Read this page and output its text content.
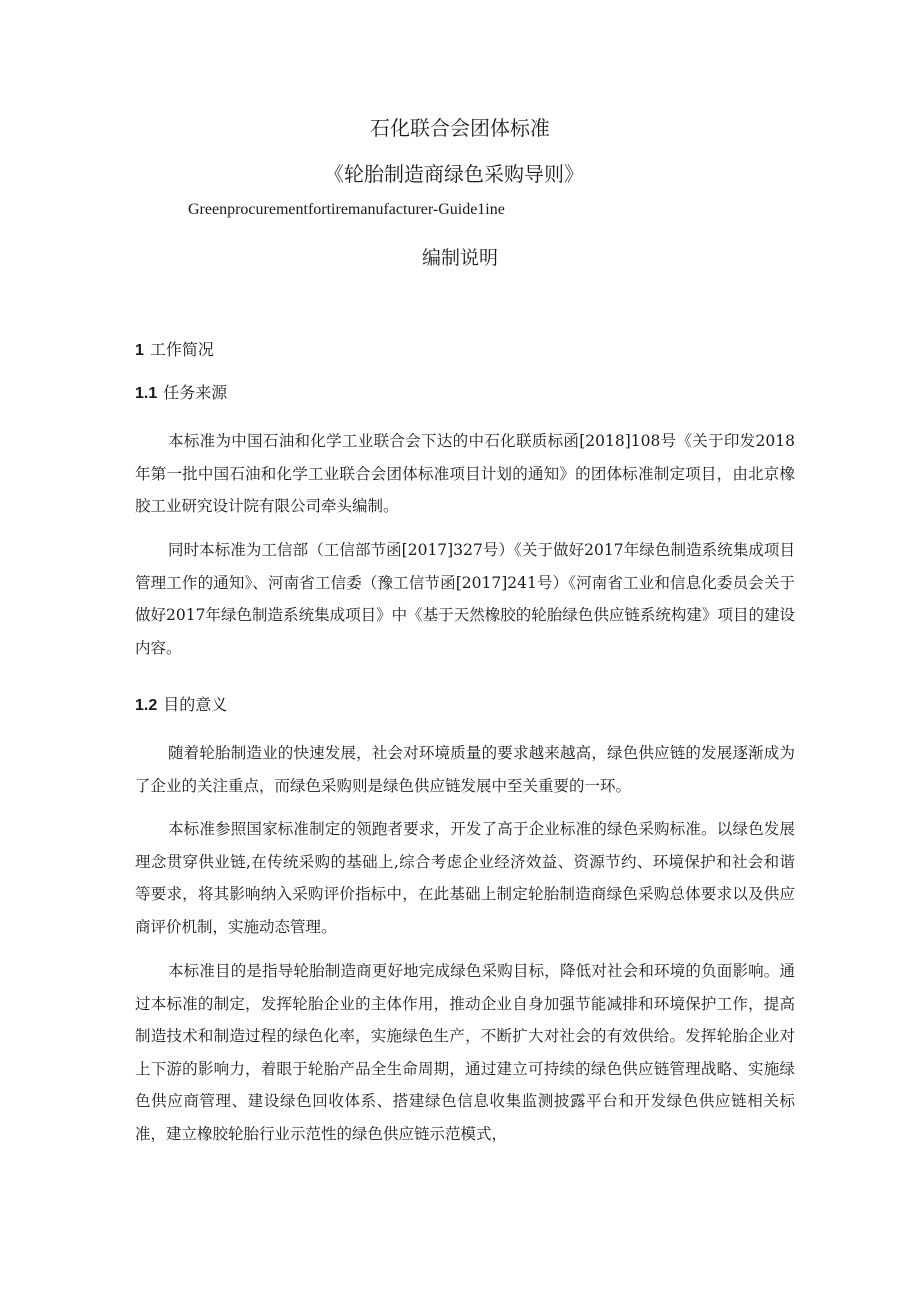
石化联合会团体标准
《轮胎制造商绿色采购导则》
Greenprocurementfortiremanufacturer-Guide1ine
编制说明
1 工作简况
1.1 任务来源

本标准为中国石油和化学工业联合会下达的中石化联质标函[2018]108号《关于印发2018年第一批中国石油和化学工业联合会团体标准项目计划的通知》的团体标准制定项目，由北京橡胶工业研究设计院有限公司牵头编制。

同时本标准为工信部（工信部节函[2017]327号）《关于做好2017年绿色制造系统集成项目管理工作的通知》、河南省工信委（豫工信节函[2017]241号）《河南省工业和信息化委员会关于做好2017年绿色制造系统集成项目》中《基于天然橡胶的轮胎绿色供应链系统构建》项目的建设内容。

1.2 目的意义

随着轮胎制造业的快速发展，社会对环境质量的要求越来越高，绿色供应链的发展逐渐成为了企业的关注重点，而绿色采购则是绿色供应链发展中至关重要的一环。

本标准参照国家标准制定的领跑者要求，开发了高于企业标准的绿色采购标准。以绿色发展理念贯穿供业链,在传统采购的基础上,综合考虑企业经济效益、资源节约、环境保护和社会和谐等要求，将其影响纳入采购评价指标中，在此基础上制定轮胎制造商绿色采购总体要求以及供应商评价机制，实施动态管理。

本标准目的是指导轮胎制造商更好地完成绿色采购目标，降低对社会和环境的负面影响。通过本标准的制定，发挥轮胎企业的主体作用，推动企业自身加强节能减排和环境保护工作，提高制造技术和制造过程的绿色化率，实施绿色生产，不断扩大对社会的有效供给。发挥轮胎企业对上下游的影响力，着眼于轮胎产品全生命周期，通过建立可持续的绿色供应链管理战略、实施绿色供应商管理、建设绿色回收体系、搭建绿色信息收集监测披露平台和开发绿色供应链相关标准，建立橡胶轮胎行业示范性的绿色供应链示范模式，
